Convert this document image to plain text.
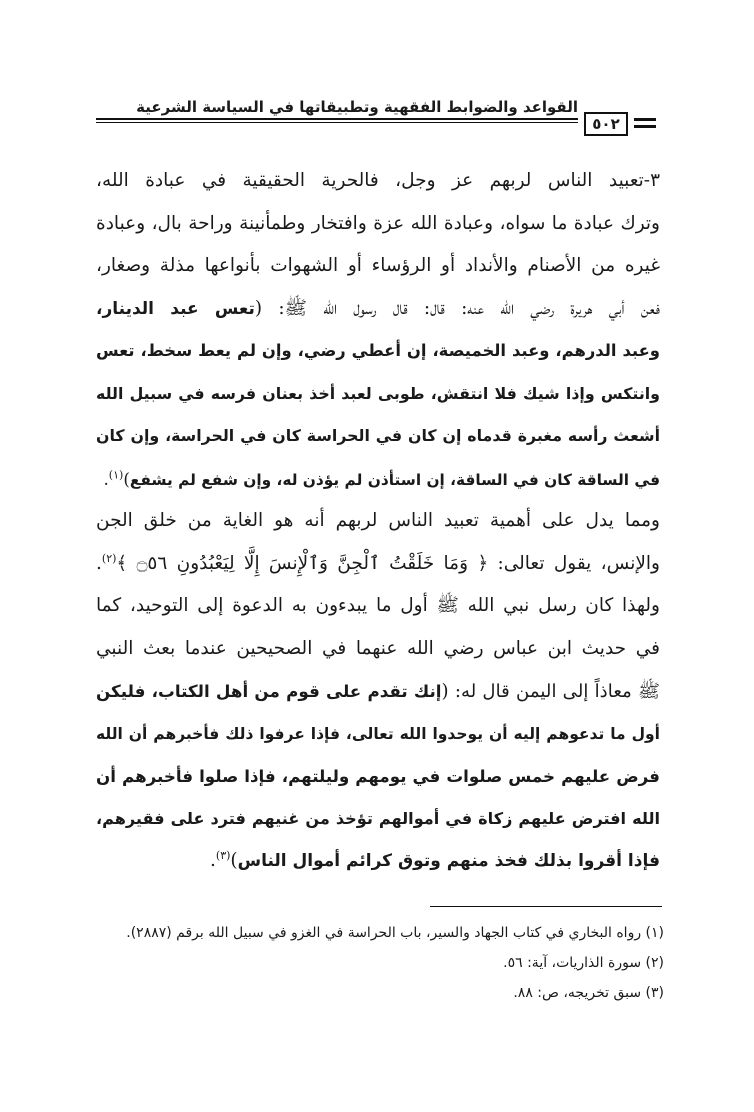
القواعد والضوابط الفقهية وتطبيقاتها في السياسة الشرعية
٥٠٢
٣-تعبيد الناس لربهم عز وجل، فالحرية الحقيقية في عبادة الله،
وترك عبادة ما سواه، وعبادة الله عزة وافتخار وطمأنينة وراحة بال، وعبادة
غيره من الأصنام والأنداد أو الرؤساء أو الشهوات بأنواعها مذلة وصغار،
فعن أبي هريرة رضي الله عنه: قال: قال رسول الله ﷺ: (تعس عبد الدينار،
وعبد الدرهم، وعبد الخميصة، إن أعطي رضي، وإن لم يعط سخط، تعس
وانتكس وإذا شيك فلا انتقش، طوبى لعبد أخذ بعنان فرسه في سبيل الله
أشعث رأسه مغبرة قدماه إن كان في الحراسة كان في الحراسة، وإن كان
في الساقة كان في الساقة، إن استأذن لم يؤذن له، وإن شفع لم يشفع)$^{(١)}$.
ومما يدل على أهمية تعبيد الناس لربهم أنه هو الغاية من خلق الجن
والإنس، يقول تعالى: ﴿ وَمَا خَلَقْتُ ٱلْجِنَّ وَٱلْإِنسَ إِلَّا لِيَعْبُدُونِ ۝٥٦ ﴾$^{(٢)}$.
ولهذا كان رسل نبي الله ﷺ أول ما يبدءون به الدعوة إلى التوحيد، كما
في حديث ابن عباس رضي الله عنهما في الصحيحين عندما بعث النبي
ﷺ معاذاً إلى اليمن قال له: (إنك تقدم على قوم من أهل الكتاب، فليكن
أول ما تدعوهم إليه أن يوحدوا الله تعالى، فإذا عرفوا ذلك فأخبرهم أن الله
فرض عليهم خمس صلوات في يومهم وليلتهم، فإذا صلوا فأخبرهم أن
الله افترض عليهم زكاة في أموالهم تؤخذ من غنيهم فترد على فقيرهم،
فإذا أقروا بذلك فخذ منهم وتوق كرائم أموال الناس)$^{(٣)}$.
(١) رواه البخاري في كتاب الجهاد والسير، باب الحراسة في الغزو في سبيل الله برقم (٢٨٨٧).
(٢) سورة الذاريات، آية: ٥٦.
(٣) سبق تخريجه، ص: ٨٨.
